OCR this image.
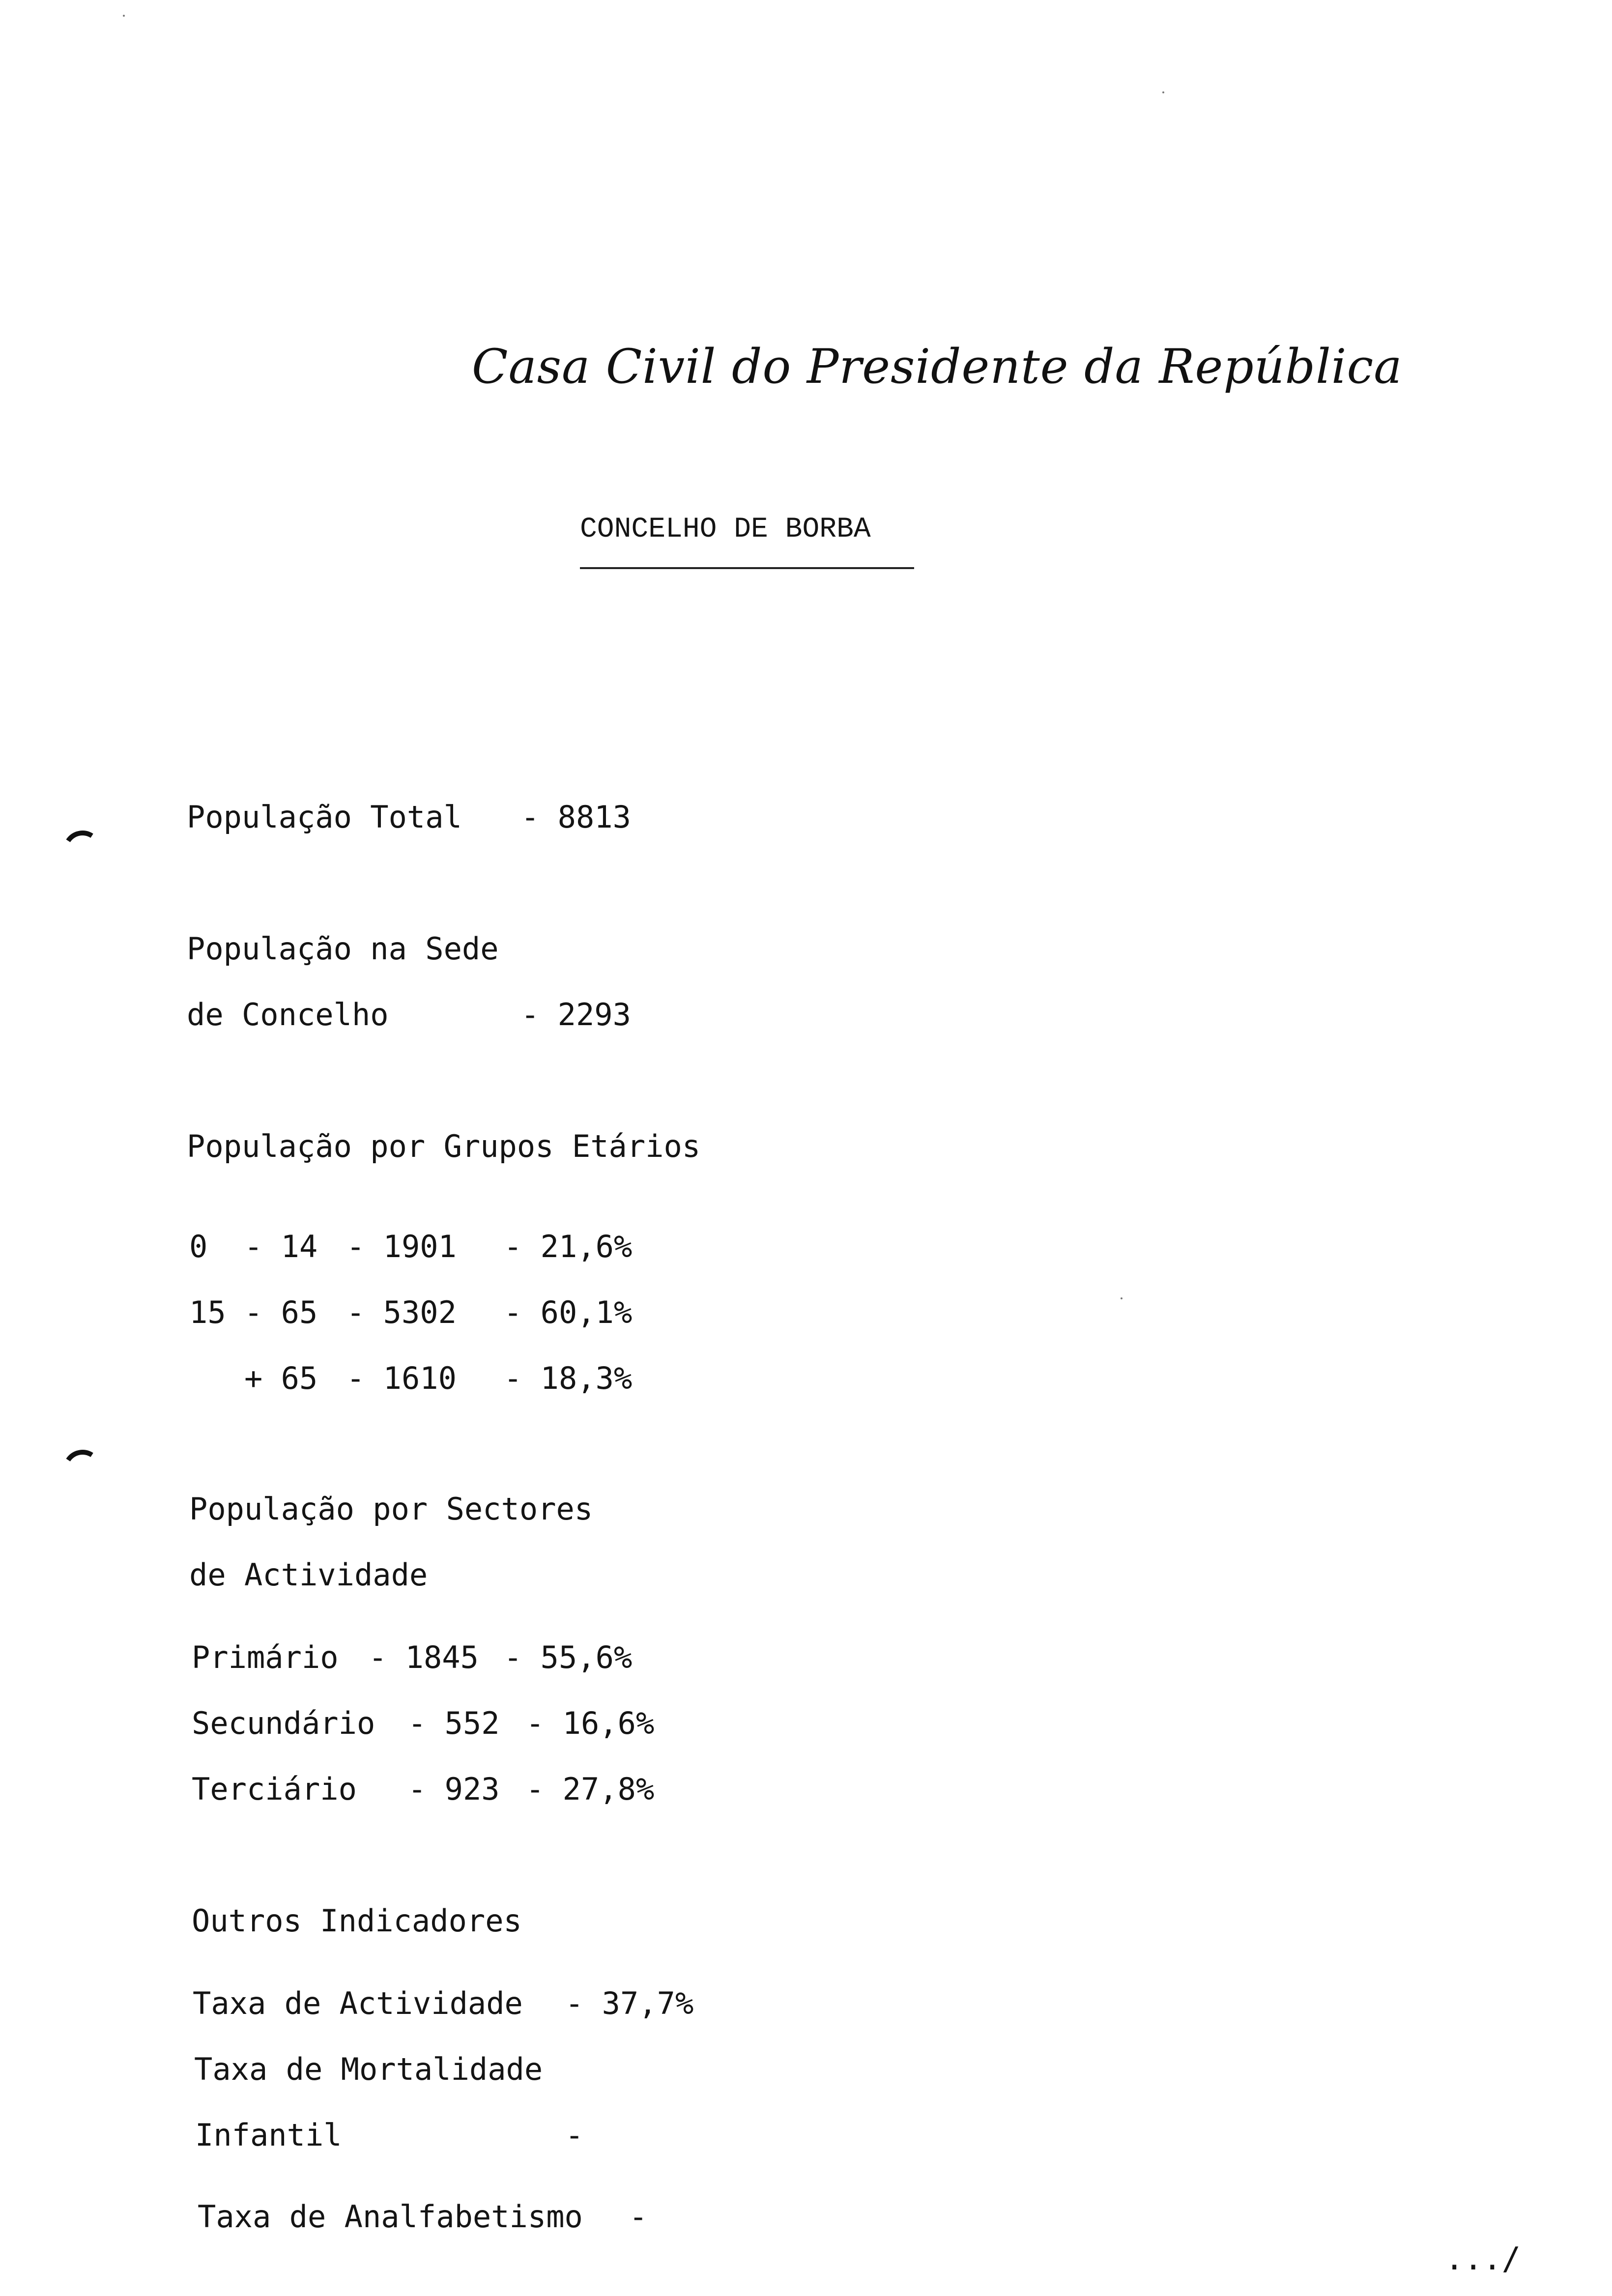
Casa Civil do Presidente da República
CONCELHO DE BORBA
População Total - 8813
População na Sede
de Concelho	- 2293
População por Grupos Etários
0  - 14 - 1901 - 21,6%
15 - 65 - 5302 - 60,1%
+ 65 - 1610 - 18,3%
População por Sectores
de Actividade
Primário - 1845 - 55,6%
Secundário - 552 - 16,6%
Terciário - 923 - 27,8%
Outros Indicadores
Taxa de Actividade - 37,7%
Taxa de Mortalidade
Infantil	-
Taxa de Analfabetismo -
.../
